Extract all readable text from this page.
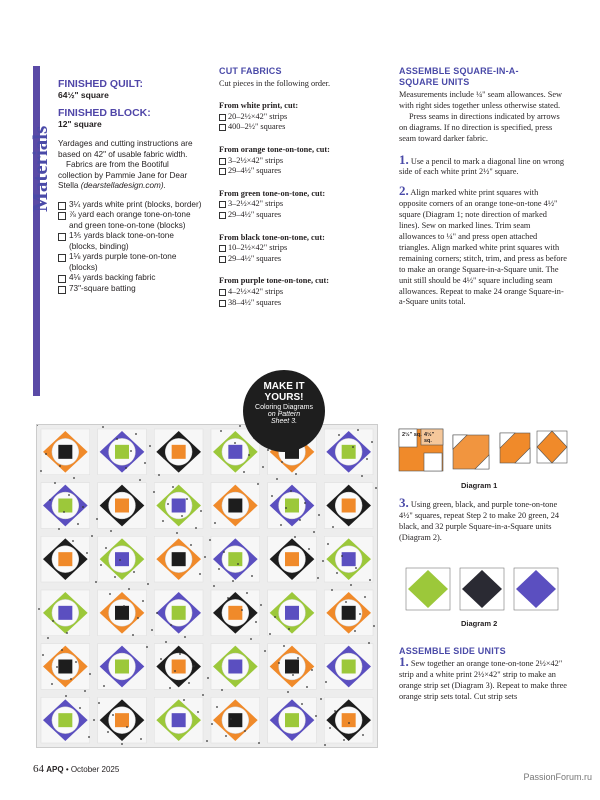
Materials
FINISHED QUILT:
64½" square
FINISHED BLOCK:
12" square

Yardages and cutting instructions are based on 42" of usable fabric width.

Fabrics are from the Bootiful collection by Pammie Jane for Dear Stella (dearstelladesign.com).

3¼ yards white print (blocks, border)

⅞ yard each orange tone-on-tone and green tone-on-tone (blocks)

1⅗ yards black tone-on-tone (blocks, binding)

1⅛ yards purple tone-on-tone (blocks)

4⅛ yards backing fabric

73"-square batting

CUT FABRICS
Cut pieces in the following order.
From white print, cut:
20–2½×42" strips
400–2½" squares
From orange tone-on-tone, cut:
3–2½×42" strips
29–4½" squares
From green tone-on-tone, cut:
3–2½×42" strips
29–4½" squares
From black tone-on-tone, cut:
10–2½×42" strips
29–4½" squares
From purple tone-on-tone, cut:
4–2½×42" strips
38–4½" squares
MAKE IT
YOURS!
Coloring Diagrams
on Pattern
Sheet 3.
ASSEMBLE SQUARE-IN-A-SQUARE UNITS

Measurements include ¼" seam allowances. Sew with right sides together unless otherwise stated.

Press seams in directions indicated by arrows on diagrams. If no direction is specified, press seam toward darker fabric.

1. Use a pencil to mark a diagonal line on wrong side of each white print 2½" square.

2. Align marked white print squares with opposite corners of an orange tone-on-tone 4½" square (Diagram 1; note direction of marked lines). Sew on marked lines. Trim seam allowances to ¼" and press open attached triangles. Align marked white print squares with remaining corners; stitch, trim, and press as before to make an orange Square-in-a-Square unit. The unit still should be 4½" square including seam allowances. Repeat to make 24 orange Square-in-a-Square units total.

2½" sq. 4½" sq.
Diagram 1

3. Using green, black, and purple tone-on-tone 4½" squares, repeat Step 2 to make 20 green, 24 black, and 32 purple Square-in-a-Square units (Diagram 2).

Diagram 2
ASSEMBLE SIDE UNITS

1. Sew together an orange tone-on-tone 2½×42" strip and a white print 2½×42" strip to make an orange strip set (Diagram 3). Repeat to make three orange strip sets total. Cut strip sets

64 APQ • October 2025
PassionForum.ru
